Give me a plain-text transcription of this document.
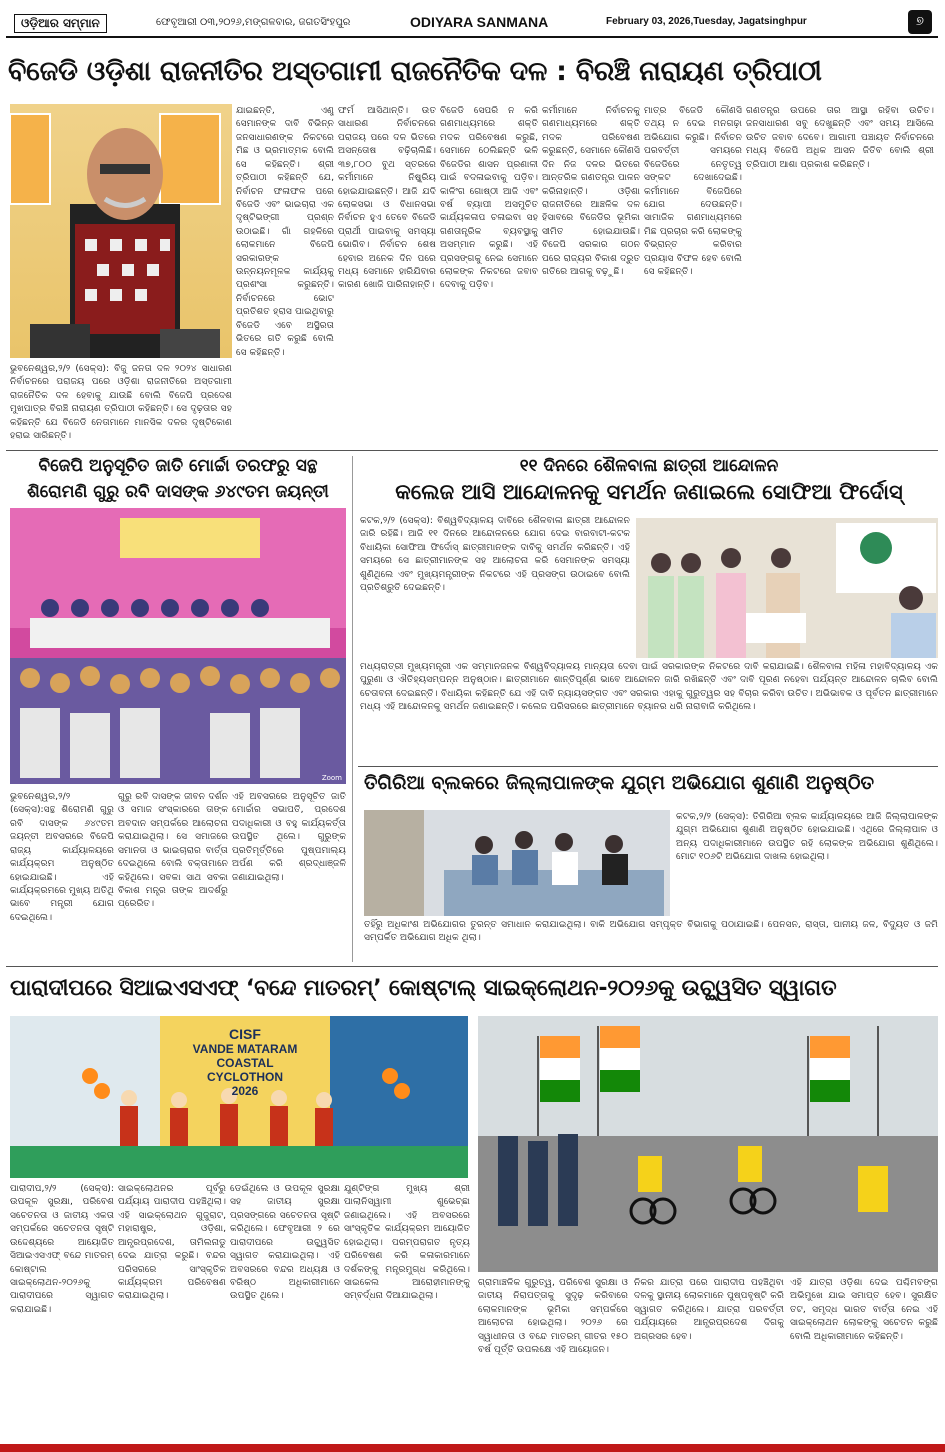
ଓଡ଼ିଆର ସମ୍ମାନ	ଫେବୃଆରୀ ୦୩,୨୦୨୬,ମଙ୍ଗଳବାର, ଜଗତସିଂହପୁର	ODIYARA SANMANA	February 03, 2026,Tuesday, Jagatsinghpur	୭
ବିଜେଡି ଓଡ଼ିଶା ରାଜନୀତିର ଅସ୍ତଗାମୀ ରାଜନୈତିକ ଦଳ : ବିରଞ୍ଚି ନାରାୟଣ ତ୍ରିପାଠୀ
ଭୁବନେଶ୍ୱର,୨/୨ (ସେକ୍ସ): ବିଜୁ ଜନତା ଦଳ ୨୦୨୪ ସାଧାରଣ ନିର୍ବାଚନରେ ପରାଜୟ ପରେ ଓଡ଼ିଶା ରାଜନୀତିରେ ଅସ୍ତଗାମୀ ରାଜନୈତିକ ଦଳ ହେବାକୁ ଯାଉଛି ବୋଲି ବିଜେପି ପ୍ରଦେଶ ମୁଖପାତ୍ର ବିରଞ୍ଚି ନାରାୟଣ ତ୍ରିପାଠୀ କହିଛନ୍ତି। ସେ ଦୃଢ଼ତାର ସହ କହିଛନ୍ତି ଯେ ବିଜେଡି ନେତାମାନେ ମାନସିକ ଦଳର ଦୃଷ୍ଟିକୋଣ ହରାଇ ସାରିଛନ୍ତି।
ଯାଇଛନ୍ତି, ଏଣୁ ସେମାନଙ୍କ ଦାବି ବିଭିନ୍ନ ଜନସାଧାରଣଙ୍କ ନିକଟରେ ମିଛ ଓ ଭ୍ରମାତ୍ମକ ବୋଲି ସେ କହିଛନ୍ତି। ଶ୍ରୀ ତ୍ରିପାଠୀ କହିଛନ୍ତି ଯେ, ନିର୍ବାଚନ ଫଳାଫଳ ପରେ ବିଜେଡି ଏବଂ ଭାଇଚାରା ଏକ ଦୃଷ୍ଟିଭଙ୍ଗୀ ପ୍ରଶ୍ନ ଉଠାଇଛି। ଗାଁ ଗହଳିରେ ଲୋକମାନେ ବିଜେପି ସରକାରଙ୍କ ଉନ୍ନୟନମୂଳକ କାର୍ଯ୍ୟକୁ ପ୍ରଶଂସା କରୁଛନ୍ତି। ନିର୍ବାଚନରେ ଭୋଟ ପ୍ରତିଶତ ହ୍ରାସ ପାଇଥିବାରୁ ବିଜେଡି ଏବେ ଅସ୍ଥିରତା ଭିତରେ ଗତି କରୁଛି ବୋଲି ସେ କହିଛନ୍ତି।
ଫର୍ମ ଆସିଥାନ୍ତି। ଉତ ସାଧାରଣ ନିର୍ବାଚନରେ ପରାଜୟ ପରେ ଦଳ ଭିତରେ ଅସନ୍ତୋଷ ବଢ଼ିଚାଲିଛି। ୩୭,୮୦୦ ବୁଥ ସ୍ତରରେ କର୍ମୀମାନେ ନିଷ୍କ୍ରିୟ ହୋଇଯାଇଛନ୍ତି। ଆଜି ଯଦି ଲୋକସଭା ଓ ବିଧାନସଭା ନିର୍ବାଚନ ହୁଏ ତେବେ ବିଜେଡି ପ୍ରାର୍ଥୀ ପାଇବାକୁ ସମସ୍ୟା ଭୋଗିବ। ନିର୍ବାଚନ ଶେଷ ହେବାର ଅନେକ ଦିନ ପରେ ମଧ୍ୟ ସେମାନେ ହାରିଯିବାର କାରଣ ଖୋଜି ପାରିନାହାନ୍ତି।
ବିଜେଡି ସେପରି ନ କରି ଗଣମାଧ୍ୟମରେ ଶକ୍ତି ମଦକ ପରିବେଷଣ କରୁଛି, ସେମାନେ ଠେଲିଛନ୍ତି ଭଳି ବିଜେଡିର ଶାସନ ପ୍ରଣାଳୀ ପାଇଁ ବଦଳାଇବାକୁ ପଡ଼ିବ। କାଳିଂଗ ଗୋଷ୍ଠୀ ଆଜି ଏବଂ ବର୍ଷ ବ୍ୟାପୀ ଅସମୁଚିତ କାର୍ଯ୍ୟକଳାପ ଚଳାଇବା ସହ ଗଣତାନ୍ତ୍ରିକ ବ୍ୟବସ୍ଥାକୁ ଅସମ୍ମାନ କରୁଛି। ଏହି ପ୍ରସଙ୍ଗକୁ ନେଇ ସେମାନେ ଲୋକଙ୍କ ନିକଟରେ ଜବାବ ଦେବାକୁ ପଡ଼ିବ।
କର୍ମୀମାନେ ନିର୍ବାଚନକୁ ଗଣମାଧ୍ୟମରେ ଶକ୍ତି ମଦକ ପରିବେଷଣ କରୁଛନ୍ତି, ସେମାନେ କୌଣସି ଦିନ ନିଜ ଦଳର ଭିତରେ ଆନ୍ତରିକ ଗଣତନ୍ତ୍ର ପାଳନ କରିନାହାନ୍ତି। ଓଡ଼ିଶା ରାଜନୀତିରେ ଆଞ୍ଚଳିକ ଦଳ ହିସାବରେ ବିଜେଡିର ଭୂମିକା ସୀମିତ ହୋଇଯାଉଛି। ବିଜେପି ସରକାର ଗଠନ ପରେ ରାଜ୍ୟର ବିକାଶ ଦ୍ରୁତ ଗତିରେ ଆଗକୁ ବଢ଼ୁଛି।
ମାତ୍ର ବିଜେଡି କୌଣସି ତଥ୍ୟ ନ ଦେଇ ମନଗଢ଼ା ଅଭିଯୋଗ କରୁଛି। ନିର୍ବାଚନ ପରବର୍ତ୍ତୀ ସମୟରେ ବିଜେଡିରେ ନେତୃତ୍ୱ ସଙ୍କଟ ଦେଖାଦେଇଛି। କର୍ମୀମାନେ ବିଜେପିରେ ଯୋଗ ଦେଉଛନ୍ତି। ସାମାଜିକ ଗଣମାଧ୍ୟମରେ ମିଛ ପ୍ରଚାର କରି ଲୋକଙ୍କୁ ବିଭ୍ରାନ୍ତ କରିବାର ପ୍ରୟାସ ବିଫଳ ହେବ ବୋଲି ସେ କହିଛନ୍ତି।
ଗଣତନ୍ତ୍ର ଉପରେ ତାର ଆସ୍ଥା ରହିବା ଉଚିତ। ଜନସାଧାରଣ ସବୁ ଦେଖୁଛନ୍ତି ଏବଂ ସମୟ ଆସିଲେ ଉଚିତ ଜବାବ ଦେବେ। ଆଗାମୀ ପଞ୍ଚାୟତ ନିର୍ବାଚନରେ ମଧ୍ୟ ବିଜେପି ଅଧିକ ଆସନ ଜିତିବ ବୋଲି ଶ୍ରୀ ତ୍ରିପାଠୀ ଆଶା ପ୍ରକାଶ କରିଛନ୍ତି।
ବିଜେପି ଅନୁସୂଚିତ ଜାତି ମୋର୍ଚ୍ଚା ତରଫରୁ ସନ୍ଥ
ଶିରୋମଣି ଗୁରୁ ରବି ଦାସଙ୍କ ୬୪୯ତମ ଜୟନ୍ତୀ
Zoom
ଭୁବନେଶ୍ୱର,୨/୨ (ସେକ୍ସ):ସନ୍ଥ ଶିରୋମଣି ଗୁରୁ ରବି ଦାସଙ୍କ ୬୪୯ତମ ଜୟନ୍ତୀ ଅବସରରେ ବିଜେପି ରାଜ୍ୟ କାର୍ଯ୍ୟାଳୟରେ କାର୍ଯ୍ୟକ୍ରମ ଅନୁଷ୍ଠିତ ହୋଇଯାଇଛି। ଏହି କାର୍ଯ୍ୟକ୍ରମରେ ମୁଖ୍ୟ ଅତିଥି ଭାବେ ମନ୍ତ୍ରୀ ଯୋଗ ଦେଇଥିଲେ।
ଗୁରୁ ରବି ଦାସଙ୍କ ଜୀବନ ଦର୍ଶନ ଓ ସମାଜ ସଂସ୍କାରରେ ତାଙ୍କ ଅବଦାନ ସମ୍ପର୍କରେ ଆଲୋଚନା କରାଯାଇଥିଲା। ସେ ସମାଜରେ ସମାନତା ଓ ଭାଇଚାରାର ବାର୍ତ୍ତା ଦେଇଥିଲେ ବୋଲି ବକ୍ତାମାନେ କହିଥିଲେ। ସବକା ସାଥ ସବକା ବିକାଶ ମନ୍ତ୍ର ତାଙ୍କ ଆଦର୍ଶରୁ ପ୍ରେରିତ।
ଏହି ଅବସରରେ ଅନୁସୂଚିତ ଜାତି ମୋର୍ଚ୍ଚାର ସଭାପତି, ପ୍ରଦେଶ ପଦାଧିକାରୀ ଓ ବହୁ କାର୍ଯ୍ୟକର୍ତ୍ତା ଉପସ୍ଥିତ ଥିଲେ। ଗୁରୁଙ୍କ ପ୍ରତିମୂର୍ତ୍ତିରେ ପୁଷ୍ପମାଲ୍ୟ ଅର୍ପଣ କରି ଶ୍ରଦ୍ଧାଞ୍ଜଳି ଜଣାଯାଇଥିଲା।
୧୧ ଦିନରେ ଶୈଳବାଳା ଛାତ୍ରୀ ଆନ୍ଦୋଳନ
କଲେଜ ଆସି ଆନ୍ଦୋଳନକୁ ସମର୍ଥନ ଜଣାଇଲେ ସୋଫିଆ ଫିର୍ଦୋସ୍
କଟକ,୨/୨ (ସେକ୍ସ): ବିଶ୍ୱବିଦ୍ୟାଳୟ ଦାବିରେ ଶୈଳବାଳା ଛାତ୍ରୀ ଆନ୍ଦୋଳନ ଜାରି ରହିଛି। ଆଜି ୧୧ ଦିନରେ ଆନ୍ଦୋଳନରେ ଯୋଗ ଦେଇ ବାରବାଟୀ-କଟକ ବିଧାୟିକା ସୋଫିଆ ଫିର୍ଦୋସ୍ ଛାତ୍ରୀମାନଙ୍କ ଦାବିକୁ ସମର୍ଥନ କରିଛନ୍ତି। ଏହି ସମୟରେ ସେ ଛାତ୍ରୀମାନଙ୍କ ସହ ଆଲୋଚନା କରି ସେମାନଙ୍କ ସମସ୍ୟା ଶୁଣିଥିଲେ ଏବଂ ମୁଖ୍ୟମନ୍ତ୍ରୀଙ୍କ ନିକଟରେ ଏହି ପ୍ରସଙ୍ଗ ଉଠାଇବେ ବୋଲି ପ୍ରତିଶ୍ରୁତି ଦେଇଛନ୍ତି।
ମଧ୍ୟରାତ୍ରୀ ମୁଖ୍ୟମନ୍ତ୍ରୀ ଏକ ସମ୍ମାନଜନକ ବିଶ୍ୱବିଦ୍ୟାଳୟ ମାନ୍ୟତା ଦେବା ପାଇଁ ସରକାରଙ୍କ ନିକଟରେ ଦାବି କରାଯାଇଛି। ଶୈଳବାଳା ମହିଳା ମହାବିଦ୍ୟାଳୟ ଏକ ପୁରୁଣା ଓ ଐତିହ୍ୟସମ୍ପନ୍ନ ଅନୁଷ୍ଠାନ। ଛାତ୍ରୀମାନେ ଶାନ୍ତିପୂର୍ଣ୍ଣ ଭାବେ ଆନ୍ଦୋଳନ ଜାରି ରଖିଛନ୍ତି ଏବଂ ଦାବି ପୂରଣ ନହେବା ପର୍ଯ୍ୟନ୍ତ ଆନ୍ଦୋଳନ ଚାଲିବ ବୋଲି ଚେତାବନୀ ଦେଇଛନ୍ତି। ବିଧାୟିକା କହିଛନ୍ତି ଯେ ଏହି ଦାବି ନ୍ୟାୟସଙ୍ଗତ ଏବଂ ସରକାର ଏହାକୁ ଗୁରୁତ୍ୱର ସହ ବିଚାର କରିବା ଉଚିତ। ଅଭିଭାବକ ଓ ପୂର୍ବତନ ଛାତ୍ରୀମାନେ ମଧ୍ୟ ଏହି ଆନ୍ଦୋଳନକୁ ସମର୍ଥନ ଜଣାଇଛନ୍ତି। କଲେଜ ପରିସରରେ ଛାତ୍ରୀମାନେ ବ୍ୟାନର ଧରି ନାରାବାଜି କରିଥିଲେ।
ତିଗିରିଆ ବ୍ଲକରେ ଜିଲ୍ଲାପାଳଙ୍କ ଯୁଗ୍ମ ଅଭିଯୋଗ ଶୁଣାଣି ଅନୁଷ୍ଠିତ
କଟକ,୨/୨ (ସେକ୍ସ): ତିଗିରିଆ ବ୍ଲକ କାର୍ଯ୍ୟାଳୟରେ ଆଜି ଜିଲ୍ଲାପାଳଙ୍କ ଯୁଗ୍ମ ଅଭିଯୋଗ ଶୁଣାଣି ଅନୁଷ୍ଠିତ ହୋଇଯାଇଛି। ଏଥିରେ ଜିଲ୍ଲାପାଳ ଓ ଅନ୍ୟ ପଦାଧିକାରୀମାନେ ଉପସ୍ଥିତ ରହି ଲୋକଙ୍କ ଅଭିଯୋଗ ଶୁଣିଥିଲେ। ମୋଟ ୧୦୬ଟି ଅଭିଯୋଗ ଦାଖଲ ହୋଇଥିଲା।
ତହିଁରୁ ଅଧିକାଂଶ ଅଭିଯୋଗର ତୁରନ୍ତ ସମାଧାନ କରାଯାଇଥିଲା। ବାକି ଅଭିଯୋଗ ସମ୍ପୃକ୍ତ ବିଭାଗକୁ ପଠାଯାଇଛି। ପେନସନ, ରାସ୍ତା, ପାନୀୟ ଜଳ, ବିଦ୍ୟୁତ ଓ ଜମି ସମ୍ପର୍କିତ ଅଭିଯୋଗ ଅଧିକ ଥିଲା।
ପାରାଦୀପରେ ସିଆଇଏସଏଫ୍ ‘ବନ୍ଦେ ମାତରମ୍’ କୋଷ୍ଟାଲ୍ ସାଇକ୍ଲୋଥନ-୨୦୨୬କୁ ଉଚ୍ଛ୍ୱସିତ ସ୍ୱାଗତ
CISF
VANDE MATARAM
COASTAL
CYCLOTHON
2026
ପାରାଦୀପ,୨/୨ (ସେକ୍ସ): ଉପକୂଳ ସୁରକ୍ଷା, ପରିବେଶ ସଚେତନତା ଓ ଜାତୀୟ ଏକତା ସମ୍ପର୍କରେ ସଚେତନତା ସୃଷ୍ଟି ଉଦ୍ଦେଶ୍ୟରେ ଆୟୋଜିତ ସିଆଇଏସଏଫ୍ ବନ୍ଦେ ମାତରମ୍ କୋଷ୍ଟାଲ ସାଇକ୍ଲୋଥନ-୨୦୨୬କୁ ପାରାଦୀପରେ ସ୍ୱାଗତ କରାଯାଇଛି।
ସାଇକ୍ଲୋଥନର ପୂର୍ବରୁ ପର୍ଯ୍ୟାୟ ପାରାଦୀପ ପହଞ୍ଚିଥିଲା। ଏହି ସାଇକ୍ଲୋଥନ ଗୁଜୁରାଟ, ମହାରାଷ୍ଟ୍ର, ଓଡ଼ିଶା, ଆନ୍ଧ୍ରପ୍ରଦେଶ, ତାମିଲନାଡୁ ଦେଇ ଯାତ୍ରା କରୁଛି। ବନ୍ଦର ପରିସରରେ ସାଂସ୍କୃତିକ କାର୍ଯ୍ୟକ୍ରମ ପରିବେଷଣ କରାଯାଇଥିଲା।
ଡେଇଁଥିଲେ ଓ ଉପକୂଳ ସୁରକ୍ଷା ସହ ଜାତୀୟ ସୁରକ୍ଷା ପ୍ରସଙ୍ଗରେ ସଚେତନତା ସୃଷ୍ଟି କରିଥିଲେ। ଫେବୃଆରୀ ୨ ରେ ପାରାଦୀପରେ ଉଚ୍ଛ୍ୱସିତ ସ୍ୱାଗତ କରାଯାଇଥିଲା। ଏହି ଅବସରରେ ବନ୍ଦର ଅଧ୍ୟକ୍ଷ ଓ ବରିଷ୍ଠ ଅଧିକାରୀମାନେ ଉପସ୍ଥିତ ଥିଲେ।
ଯୁଣ୍ଟିଙ୍ଗ ମୁଖ୍ୟ ଶ୍ରୀ ପାଲାନିସ୍ୱାମୀ ଶୁଭେଚ୍ଛା ଜଣାଇଥିଲେ। ଏହି ଅବସରରେ ସାଂସ୍କୃତିକ କାର୍ଯ୍ୟକ୍ରମ ଆୟୋଜିତ ହୋଇଥିଲା। ପରମ୍ପରାଗତ ନୃତ୍ୟ ପରିବେଷଣ କରି କଳାକାରମାନେ ଦର୍ଶକଙ୍କୁ ମନ୍ତ୍ରମୁଗ୍ଧ କରିଥିଲେ। ସାଇକେଲ ଆରୋହୀମାନଙ୍କୁ ସମ୍ବର୍ଦ୍ଧନା ଦିଆଯାଇଥିଲା।
ଗ୍ରାମାଞ୍ଚଳିକ ଗୁରୁତ୍ୱ, ପରିବେଶ ସୁରକ୍ଷା ଓ ଜାତୀୟ ନିରାପତ୍ତାକୁ ସୁଦୃଢ଼ କରିବାରେ ଲୋକମାନଙ୍କ ଭୂମିକା ସମ୍ପର୍କରେ ଆଲୋଚନା ହୋଇଥିଲା। ୨୦୨୬ ରେ ସ୍ୱାଧୀନତା ଓ ବନ୍ଦେ ମାତରମ୍ ଗୀତର ୧୫୦ ବର୍ଷ ପୂର୍ତ୍ତି ଉପଲକ୍ଷେ ଏହି ଆୟୋଜନ।
ନିକର ଯାତ୍ରା ପରେ ପାରାଦୀପ ପହଞ୍ଚିଥିବା ଦଳକୁ ସ୍ଥାନୀୟ ଲୋକମାନେ ପୁଷ୍ପବୃଷ୍ଟି କରି ସ୍ୱାଗତ କରିଥିଲେ। ଯାତ୍ରା ପରବର୍ତ୍ତୀ ପର୍ଯ୍ୟାୟରେ ଆନ୍ଧ୍ରପ୍ରଦେଶ ଦିଗକୁ ଅଗ୍ରସର ହେବ।
ଏହି ଯାତ୍ରା ଓଡ଼ିଶା ଦେଇ ପଶ୍ଚିମବଙ୍ଗ ଅଭିମୁଖେ ଯାଇ ସମାପ୍ତ ହେବ। ସୁରକ୍ଷିତ ତଟ, ସମୃଦ୍ଧ ଭାରତ ବାର୍ତ୍ତା ନେଇ ଏହି ସାଇକ୍ଲୋଥନ ଲୋକଙ୍କୁ ସଚେତନ କରୁଛି ବୋଲି ଅଧିକାରୀମାନେ କହିଛନ୍ତି।
